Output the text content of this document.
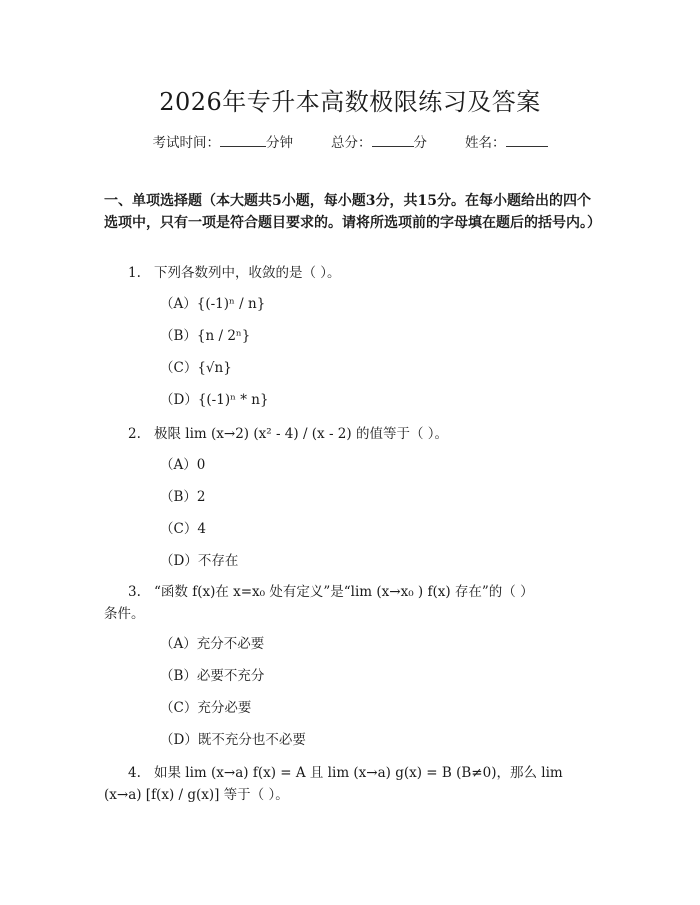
2026年专升本高数极限练习及答案
考试时间：	分钟	总分：	分	姓名：
一、单项选择题（本大题共5小题，每小题3分，共15分。在每小题给出的四个选项中，只有一项是符合题目要求的。请将所选项前的字母填在题后的括号内。）
1. 下列各数列中，收敛的是（ ）。
（A）{(-1)ⁿ / n}
（B）{n / 2ⁿ}
（C）{√n}
（D）{(-1)ⁿ * n}
2. 极限 lim (x→2) (x² - 4) / (x - 2) 的值等于（ ）。
（A）0
（B）2
（C）4
（D）不存在
3. “函数 f(x)在 x=x₀ 处有定义”是“lim (x→x₀ ) f(x) 存在”的（ ）
条件。
（A）充分不必要
（B）必要不充分
（C）充分必要
（D）既不充分也不必要
4. 如果 lim (x→a) f(x) = A 且 lim (x→a) g(x) = B (B≠0)，那么 lim
(x→a) [f(x) / g(x)] 等于（ ）。
